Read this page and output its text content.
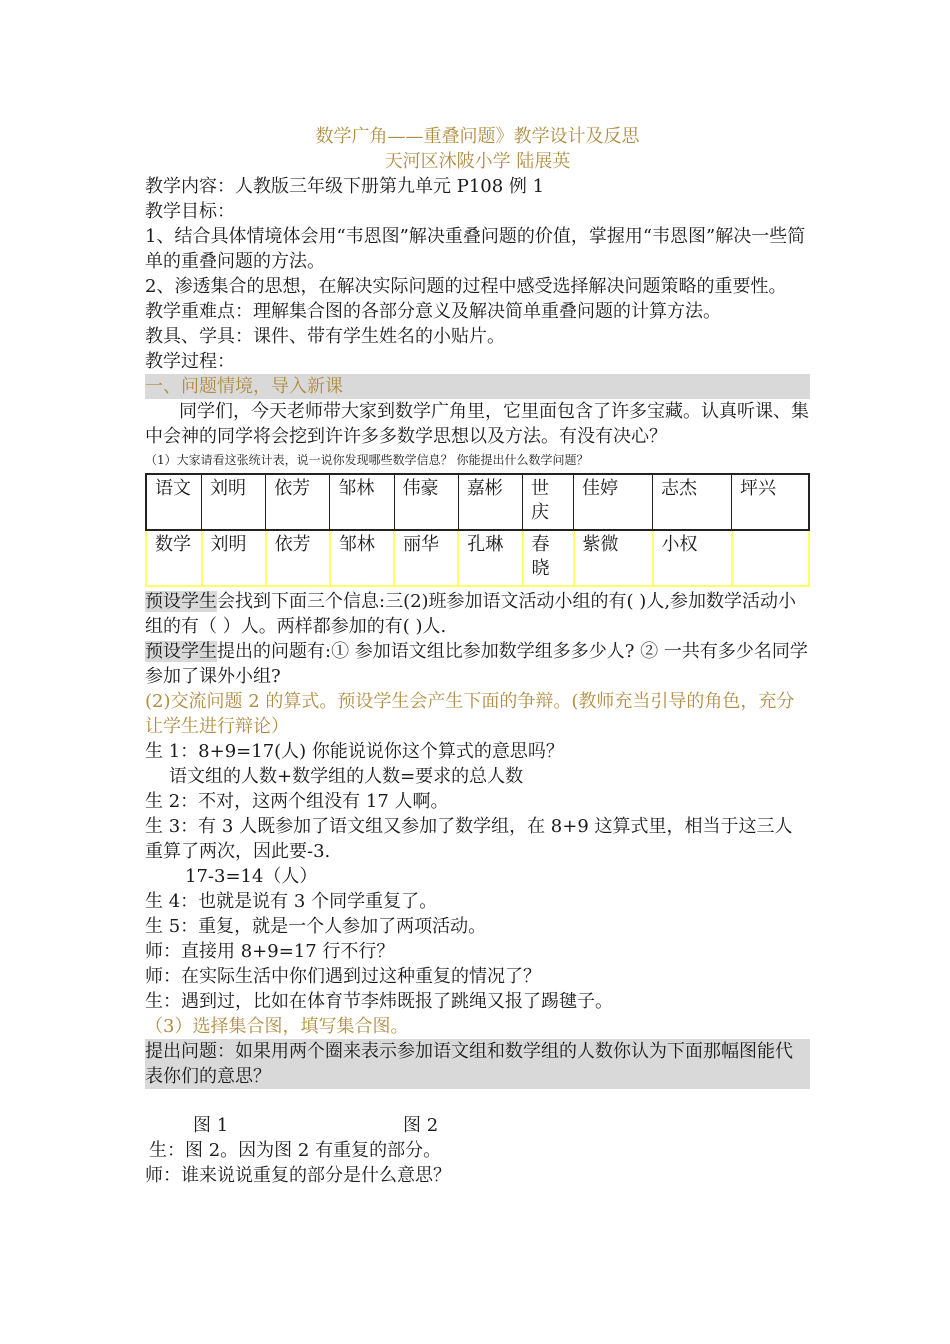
数学广角——重叠问题》教学设计及反思
天河区沐陂小学 陆展英
教学内容：人教版三年级下册第九单元 P108 例 1
教学目标：
1、结合具体情境体会用“韦恩图”解决重叠问题的价值，掌握用“韦恩图”解决一些简单的重叠问题的方法。
2、渗透集合的思想，在解决实际问题的过程中感受选择解决问题策略的重要性。
教学重难点：理解集合图的各部分意义及解决简单重叠问题的计算方法。
教具、学具：课件、带有学生姓名的小贴片。
教学过程：
一、问题情境，导入新课
同学们，今天老师带大家到数学广角里，它里面包含了许多宝藏。认真听课、集中会神的同学将会挖到许许多多数学思想以及方法。有没有决心？
（1）大家请看这张统计表，说一说你发现哪些数学信息？ 你能提出什么数学问题？
语文	刘明	依芳	邹林	伟豪	嘉彬	世庆	佳婷	志杰	坪兴
数学	刘明	依芳	邹林	丽华	孔琳	春晓	紫微	小权	
预设学生会找到下面三个信息:三(2)班参加语文活动小组的有( )人,参加数学活动小组的有（ ）人。两样都参加的有( )人.
预设学生提出的问题有:① 参加语文组比参加数学组多多少人? ② 一共有多少名同学参加了课外小组?
(2)交流问题 2 的算式。预设学生会产生下面的争辩。(教师充当引导的角色，充分让学生进行辩论）
生 1：8+9=17(人) 你能说说你这个算式的意思吗？
语文组的人数+数学组的人数=要求的总人数
生 2：不对，这两个组没有 17 人啊。
生 3：有 3 人既参加了语文组又参加了数学组，在 8+9 这算式里，相当于这三人重算了两次，因此要-3.
17-3=14（人）
生 4：也就是说有 3 个同学重复了。
生 5：重复，就是一个人参加了两项活动。
师：直接用 8+9=17 行不行？
师：在实际生活中你们遇到过这种重复的情况了？
生：遇到过，比如在体育节李炜既报了跳绳又报了踢毽子。
（3）选择集合图，填写集合图。
提出问题：如果用两个圈来表示参加语文组和数学组的人数你认为下面那幅图能代表你们的意思？
图 1	图 2
生：图 2。因为图 2 有重复的部分。
师：谁来说说重复的部分是什么意思？
